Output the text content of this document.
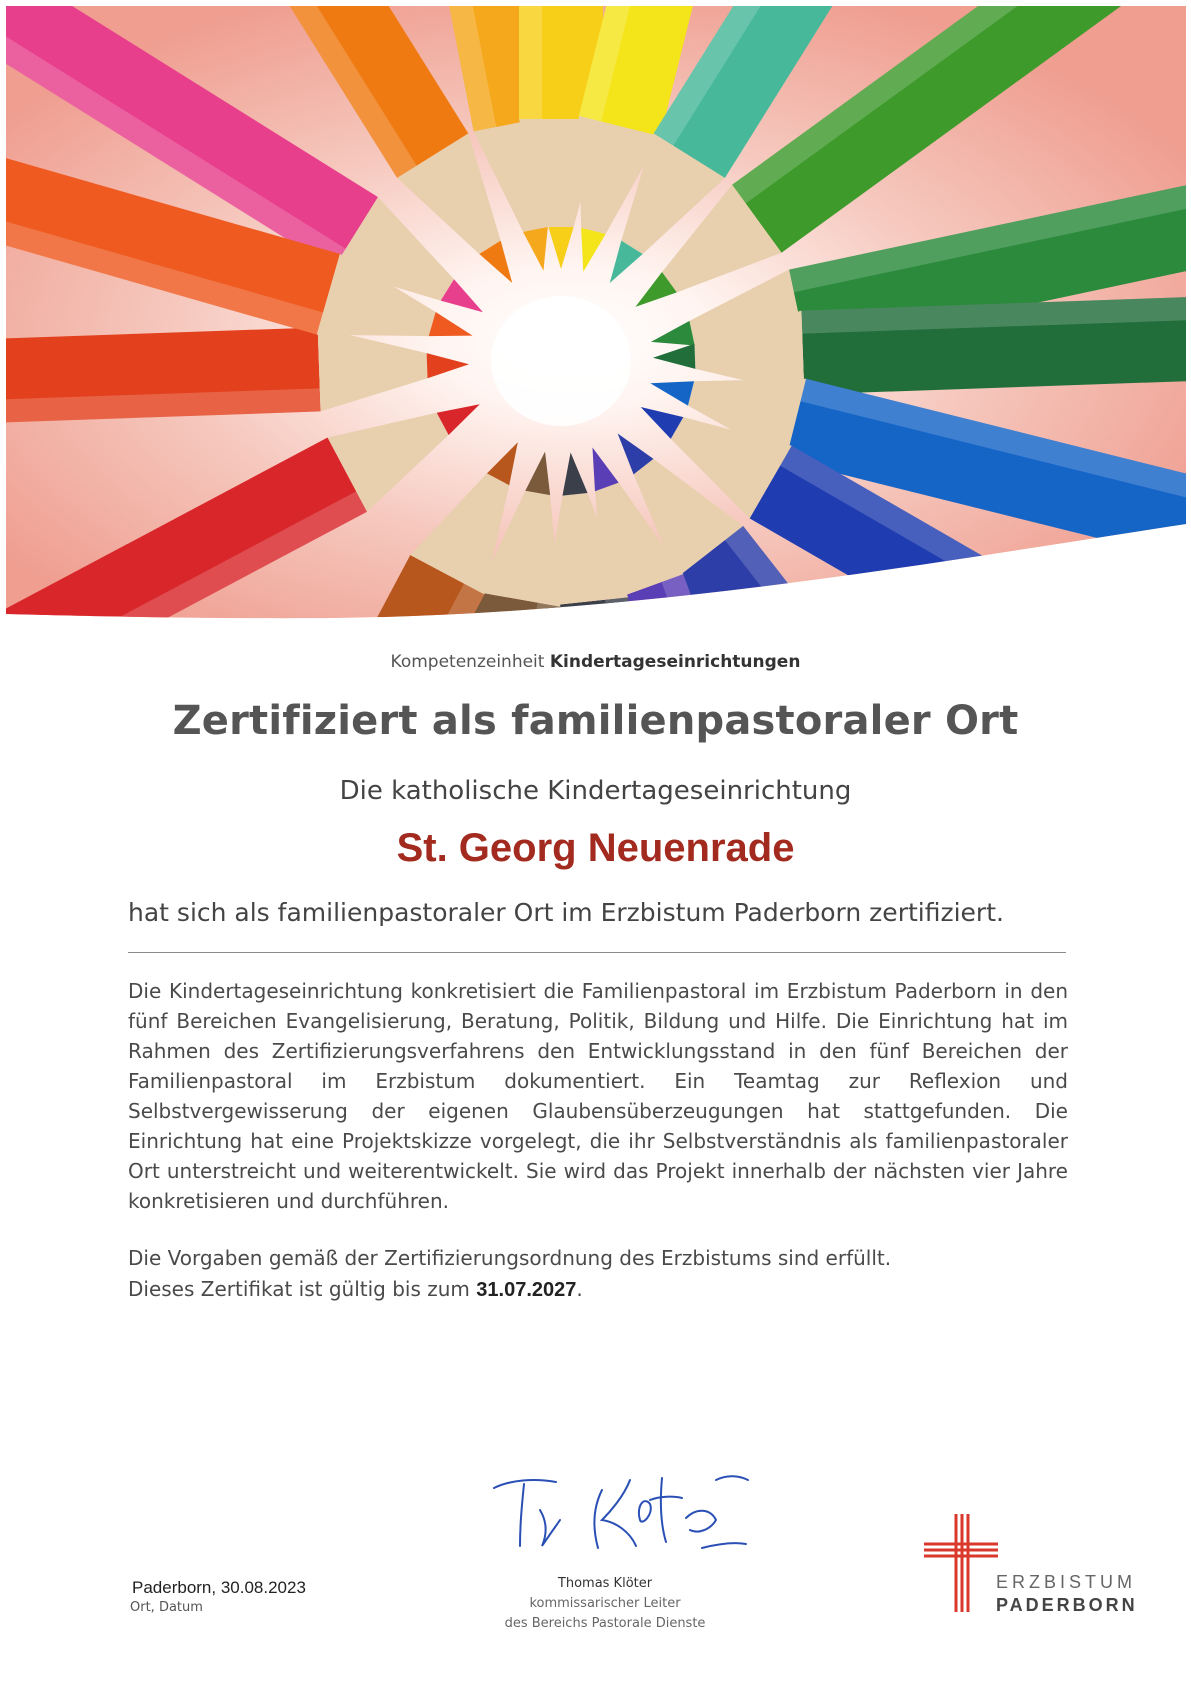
Kompetenzeinheit Kindertageseinrichtungen
Zertifiziert als familienpastoraler Ort
Die katholische Kindertageseinrichtung
St. Georg Neuenrade
hat sich als familienpastoraler Ort im Erzbistum Paderborn zertifiziert.
Die Kindertageseinrichtung konkretisiert die Familienpastoral im Erzbistum Paderborn in den fünf Bereichen Evangelisierung, Beratung, Politik, Bildung und Hilfe. Die Einrichtung hat im Rahmen des Zertifizierungsverfahrens den Entwicklungsstand in den fünf Bereichen der Familienpastoral im Erzbistum dokumentiert. Ein Teamtag zur Reflexion und Selbstvergewisserung der eigenen Glaubensüberzeugungen hat stattgefunden. Die Einrichtung hat eine Projektskizze vorgelegt, die ihr Selbstverständnis als familienpastoraler Ort unterstreicht und weiterentwickelt. Sie wird das Projekt innerhalb der nächsten vier Jahre konkretisieren und durchführen.
Die Vorgaben gemäß der Zertifizierungsordnung des Erzbistums sind erfüllt.
Dieses Zertifikat ist gültig bis zum 31.07.2027.
Paderborn, 30.08.2023
Ort, Datum
Thomas Klöter
kommissarischer Leiter
des Bereichs Pastorale Dienste
ERZBISTUM
PADERBORN
